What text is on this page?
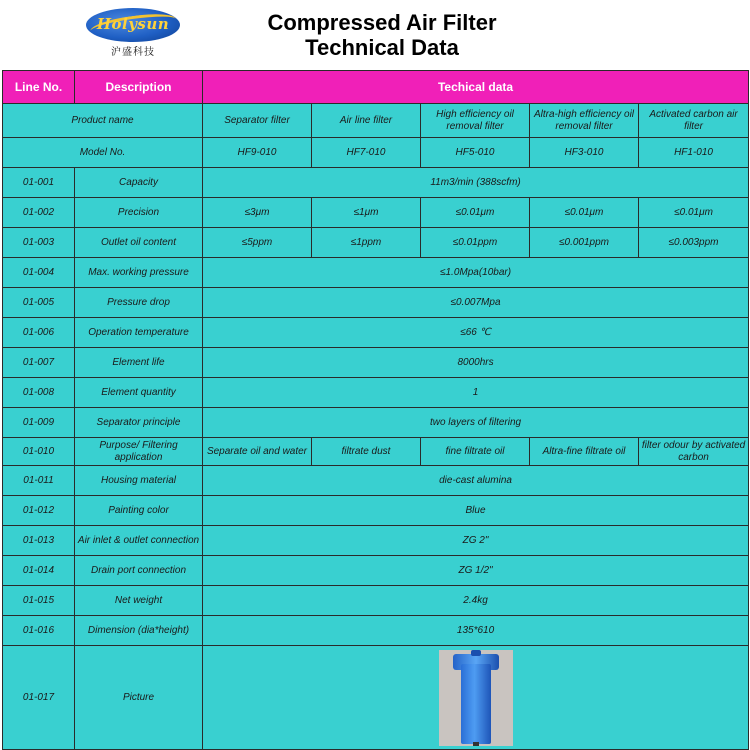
Holysun
沪盛科技
Compressed Air Filter
Technical Data
Line No.	Description	Techical data				
Product name		Separator filter	Air line filter	High efficiency oil removal filter	Altra-high efficiency oil removal filter	Activated carbon air filter
Model No.		HF9-010	HF7-010	HF5-010	HF3-010	HF1-010
01-001	Capacity	11m3/min (388scfm)				
01-002	Precision	≤3μm	≤1μm	≤0.01μm	≤0.01μm	≤0.01μm
01-003	Outlet oil content	≤5ppm	≤1ppm	≤0.01ppm	≤0.001ppm	≤0.003ppm
01-004	Max. working pressure	≤1.0Mpa(10bar)				
01-005	Pressure drop	≤0.007Mpa				
01-006	Operation temperature	≤66 ℃				
01-007	Element life	8000hrs				
01-008	Element quantity	1				
01-009	Separator principle	two layers of filtering				
01-010	Purpose/ Filtering application	Separate oil and water	filtrate dust	fine filtrate oil	Altra-fine filtrate oil	filter odour by activated carbon
01-011	Housing material	die-cast alumina				
01-012	Painting color	Blue				
01-013	Air inlet & outlet connection	ZG 2"				
01-014	Drain port connection	ZG 1/2"				
01-015	Net weight	2.4kg				
01-016	Dimension (dia*height)	135*610				
01-017	Picture					
